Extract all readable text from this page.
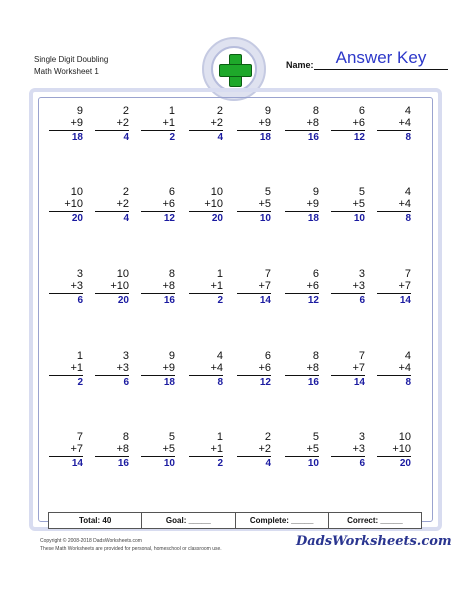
Single Digit Doubling
Math Worksheet 1
Name:	Answer Key
9
+9
18
2
+2
4
1
+1
2
2
+2
4
9
+9
18
8
+8
16
6
+6
12
4
+4
8
10
+10
20
2
+2
4
6
+6
12
10
+10
20
5
+5
10
9
+9
18
5
+5
10
4
+4
8
3
+3
6
10
+10
20
8
+8
16
1
+1
2
7
+7
14
6
+6
12
3
+3
6
7
+7
14
1
+1
2
3
+3
6
9
+9
18
4
+4
8
6
+6
12
8
+8
16
7
+7
14
4
+4
8
7
+7
14
8
+8
16
5
+5
10
1
+1
2
2
+2
4
5
+5
10
3
+3
6
10
+10
20
Total: 40	Goal: _____	Complete: _____	Correct: _____
Copyright © 2008-2018 DadsWorksheets.com
These Math Worksheets are provided for personal, homeschool or classroom use.	DadsWorksheets.com
